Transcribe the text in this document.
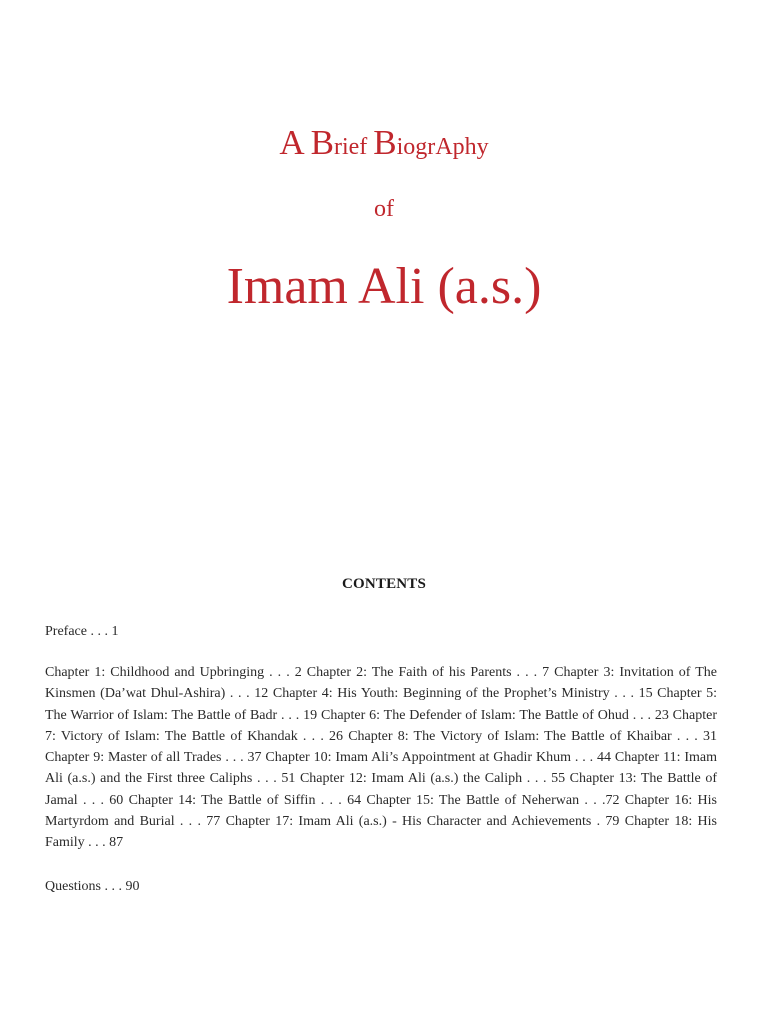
A Brief BiogrAphy
of
Imam Ali (a.s.)
CONTENTS
Preface . . . 1
Chapter 1: Childhood and Upbringing . . . 2 Chapter 2: The Faith of his Parents . . . 7 Chapter 3: Invitation of The Kinsmen (Da’wat Dhul-Ashira) . . . 12 Chapter 4: His Youth: Beginning of the Prophet’s Ministry . . . 15 Chapter 5: The Warrior of Islam: The Battle of Badr . . . 19 Chapter 6: The Defender of Islam: The Battle of Ohud . . . 23 Chapter 7: Victory of Islam: The Battle of Khandak . . . 26 Chapter 8: The Victory of Islam: The Battle of Khaibar . . . 31 Chapter 9: Master of all Trades . . . 37 Chapter 10: Imam Ali’s Appointment at Ghadir Khum . . . 44 Chapter 11: Imam Ali (a.s.) and the First three Caliphs . . . 51 Chapter 12: Imam Ali (a.s.) the Caliph . . . 55 Chapter 13: The Battle of Jamal . . . 60 Chapter 14: The Battle of Siffin . . . 64 Chapter 15: The Battle of Neherwan . . .72 Chapter 16: His Martyrdom and Burial . . . 77 Chapter 17: Imam Ali (a.s.) - His Character and Achievements . 79 Chapter 18: His Family . . . 87
Questions . . . 90
